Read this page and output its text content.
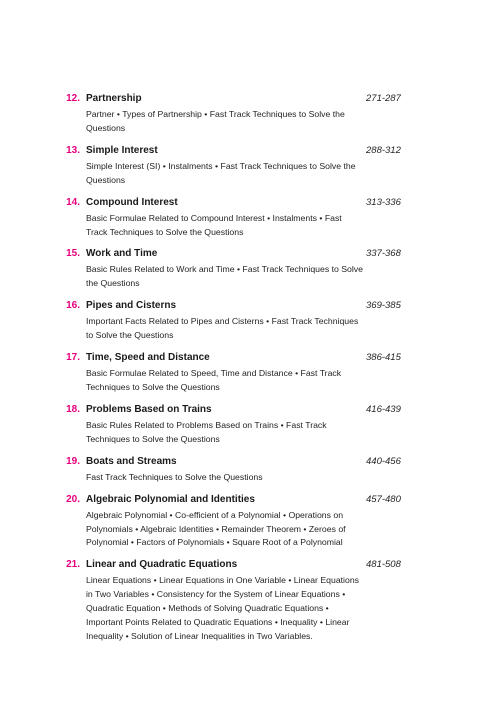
12. Partnership	271-287
Partner • Types of Partnership • Fast Track Techniques to Solve the Questions
13. Simple Interest	288-312
Simple Interest (SI) • Instalments • Fast Track Techniques to Solve the Questions
14. Compound Interest	313-336
Basic Formulae Related to Compound Interest • Instalments • Fast Track Techniques to Solve the Questions
15. Work and Time	337-368
Basic Rules Related to Work and Time • Fast Track Techniques to Solve the Questions
16. Pipes and Cisterns	369-385
Important Facts Related to Pipes and Cisterns • Fast Track Techniques to Solve the Questions
17. Time, Speed and Distance	386-415
Basic Formulae Related to Speed, Time and Distance • Fast Track Techniques to Solve the Questions
18. Problems Based on Trains	416-439
Basic Rules Related to Problems Based on Trains • Fast Track Techniques to Solve the Questions
19. Boats and Streams	440-456
Fast Track Techniques to Solve the Questions
20. Algebraic Polynomial and Identities	457-480
Algebraic Polynomial • Co-efficient of a Polynomial • Operations on Polynomials • Algebraic Identities • Remainder Theorem • Zeroes of Polynomial • Factors of Polynomials • Square Root of a Polynomial
21. Linear and Quadratic Equations	481-508
Linear Equations • Linear Equations in One Variable • Linear Equations in Two Variables • Consistency for the System of Linear Equations • Quadratic Equation • Methods of Solving Quadratic Equations • Important Points Related to Quadratic Equations • Inequality • Linear Inequality • Solution of Linear Inequalities in Two Variables.
